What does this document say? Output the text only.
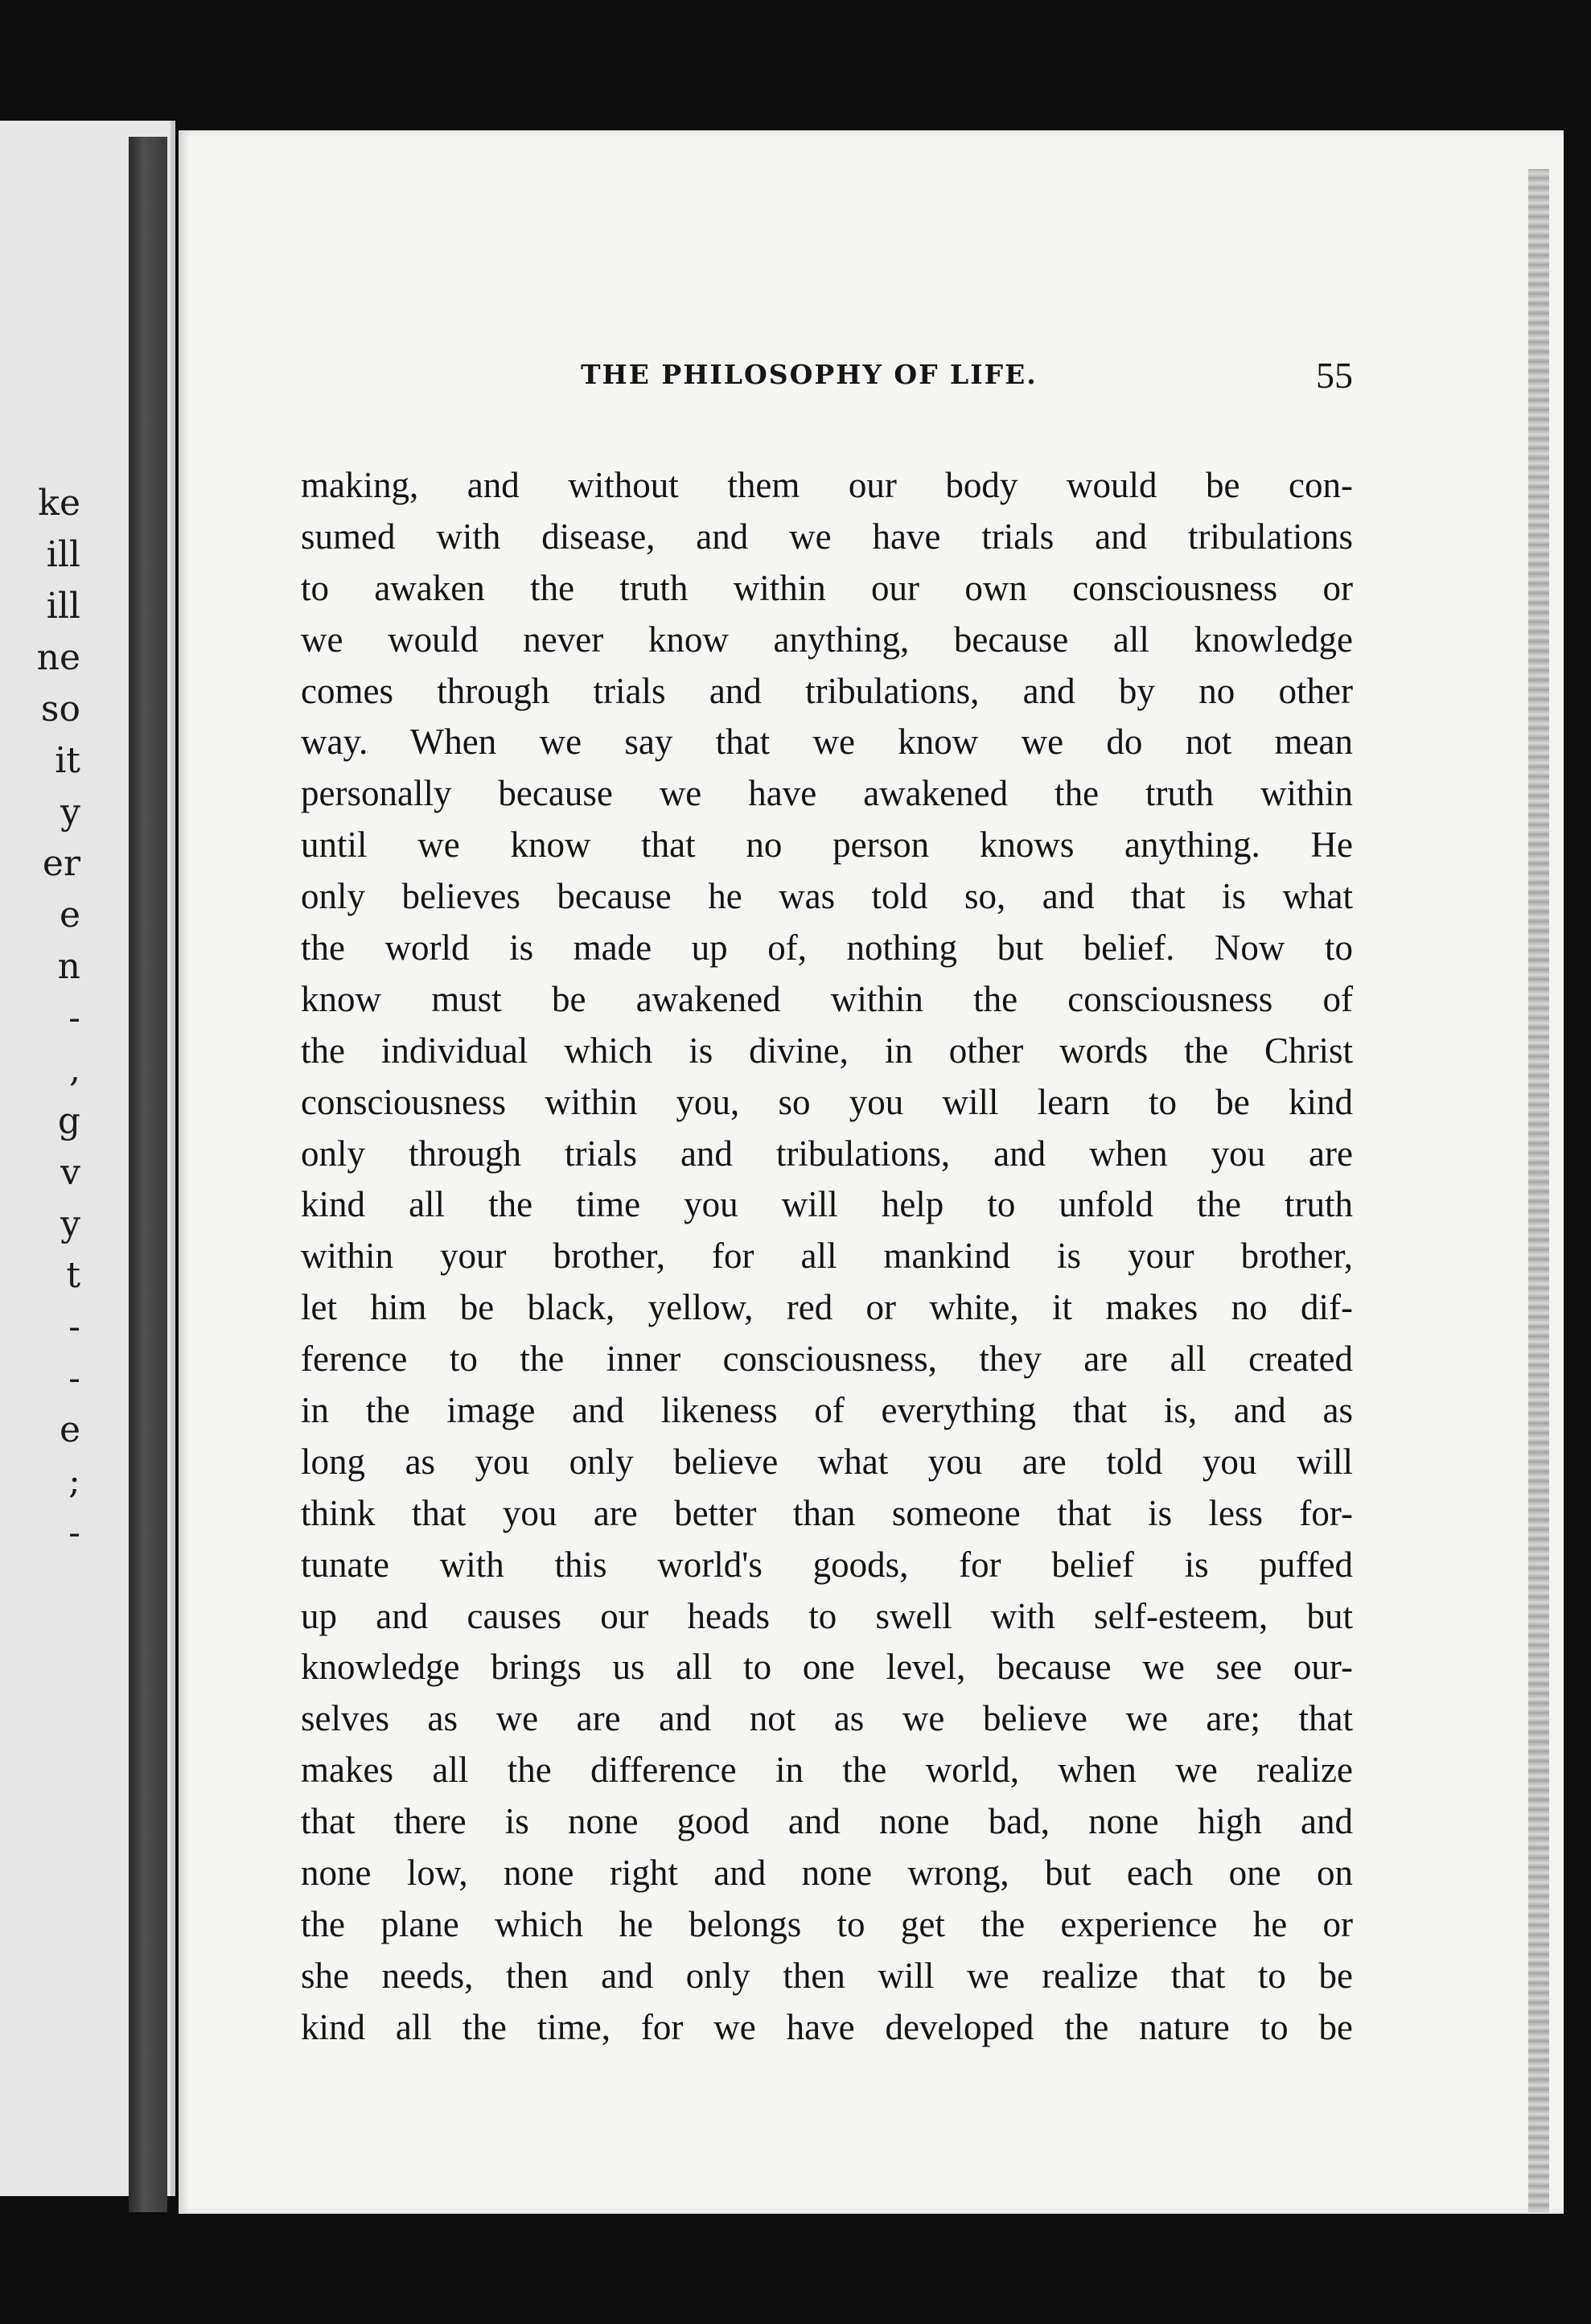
ke
ill
ill
ne
so
it
y
er
e
n
-
,
g
v
y
t
-
-
e
;
-
THE PHILOSOPHY OF LIFE.	55
making, and without them our body would be con-
sumed with disease, and we have trials and tribulations
to awaken the truth within our own consciousness or
we would never know anything, because all knowledge
comes through trials and tribulations, and by no other
way. When we say that we know we do not mean
personally because we have awakened the truth within
until we know that no person knows anything. He
only believes because he was told so, and that is what
the world is made up of, nothing but belief. Now to
know must be awakened within the consciousness of
the individual which is divine, in other words the Christ
consciousness within you, so you will learn to be kind
only through trials and tribulations, and when you are
kind all the time you will help to unfold the truth
within your brother, for all mankind is your brother,
let him be black, yellow, red or white, it makes no dif-
ference to the inner consciousness, they are all created
in the image and likeness of everything that is, and as
long as you only believe what you are told you will
think that you are better than someone that is less for-
tunate with this world's goods, for belief is puffed
up and causes our heads to swell with self-esteem, but
knowledge brings us all to one level, because we see our-
selves as we are and not as we believe we are; that
makes all the difference in the world, when we realize
that there is none good and none bad, none high and
none low, none right and none wrong, but each one on
the plane which he belongs to get the experience he or
she needs, then and only then will we realize that to be
kind all the time, for we have developed the nature to be
